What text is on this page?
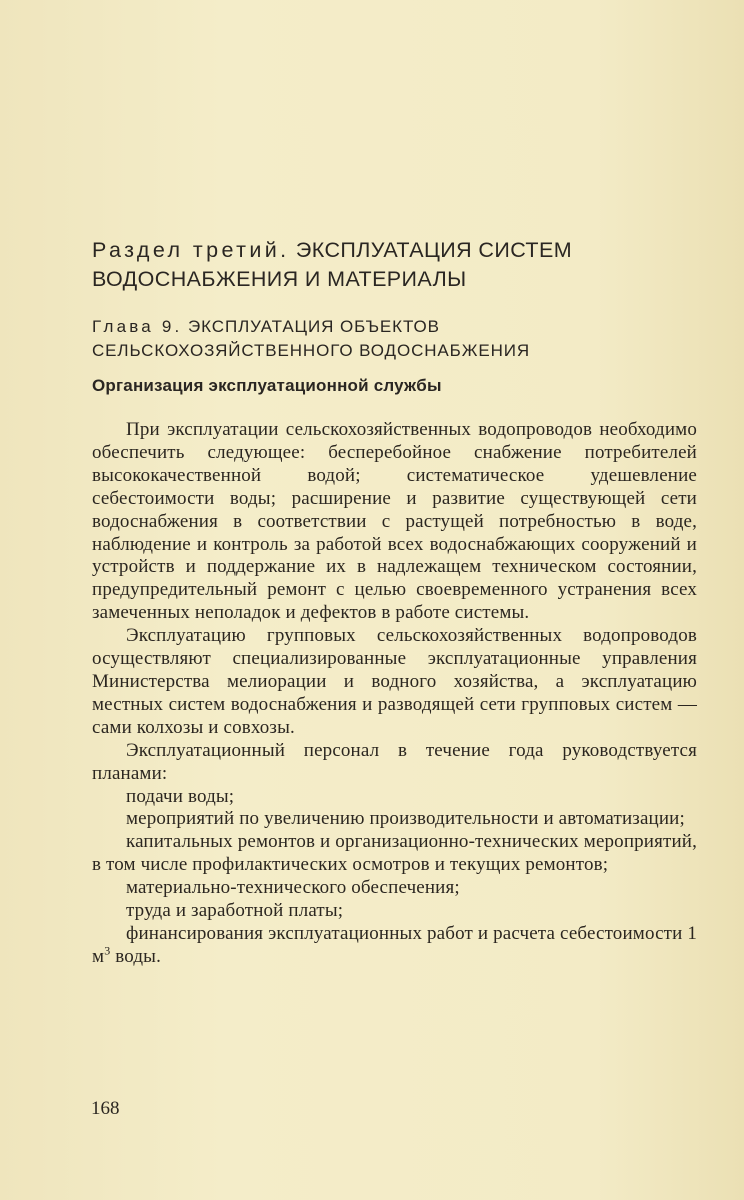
Раздел третий. ЭКСПЛУАТАЦИЯ СИСТЕМ
ВОДОСНАБЖЕНИЯ И МАТЕРИАЛЫ
Глава 9. ЭКСПЛУАТАЦИЯ ОБЪЕКТОВ
СЕЛЬСКОХОЗЯЙСТВЕННОГО ВОДОСНАБЖЕНИЯ
Организация эксплуатационной службы

При эксплуатации сельскохозяйственных водопроводов необходимо обеспечить следующее: бесперебойное снабжение потребителей высококачественной водой; систематическое удешевление себестоимости воды; расширение и развитие существующей сети водоснабжения в соответствии с растущей потребностью в воде, наблюдение и контроль за работой всех водоснабжающих сооружений и устройств и поддержание их в надлежащем техническом состоянии, предупредительный ремонт с целью своевременного устранения всех замеченных неполадок и дефектов в работе системы.

Эксплуатацию групповых сельскохозяйственных водопроводов осуществляют специализированные эксплуатационные управления Министерства мелиорации и водного хозяйства, а эксплуатацию местных систем водоснабжения и разводящей сети групповых систем — сами колхозы и совхозы.

Эксплуатационный персонал в течение года руководствуется планами:

подачи воды;

мероприятий по увеличению производительности и автоматизации;

капитальных ремонтов и организационно-технических мероприятий, в том числе профилактических осмотров и текущих ремонтов;

материально-технического обеспечения;

труда и заработной платы;

финансирования эксплуатационных работ и расчета себестоимости 1 $м^3$ воды.

168
